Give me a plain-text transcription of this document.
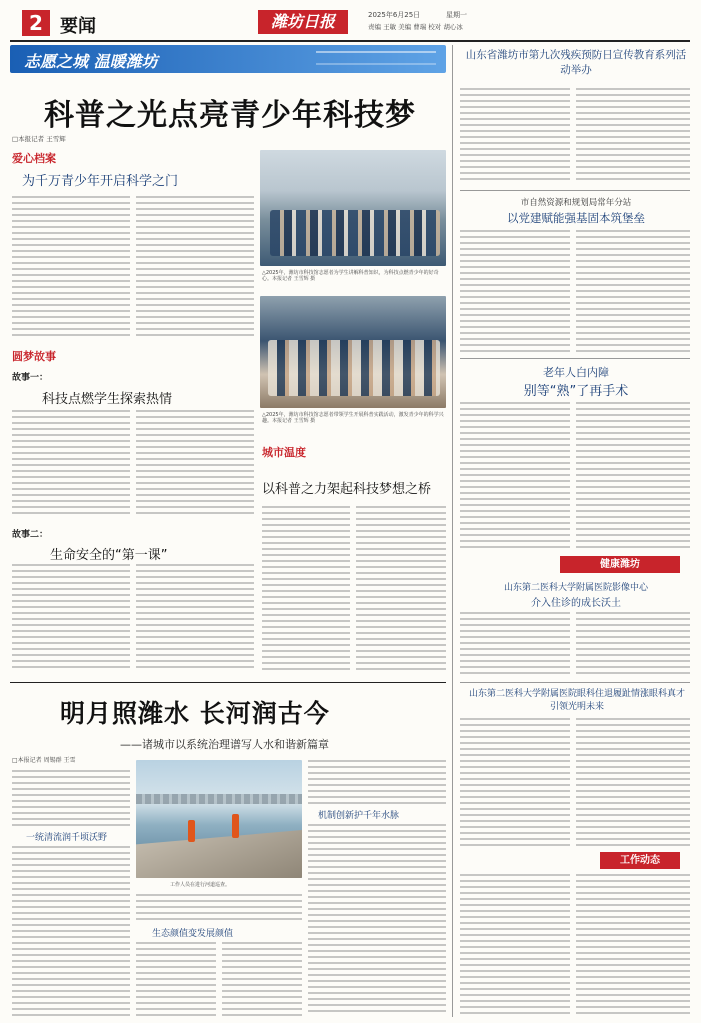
2 要闻	潍坊日报	2025年6月25日	星期一
责编 王敏 美编 曹瑞 校对 胡心冰
志愿之城 温暖潍坊
科普之光点亮青少年科技梦
□本报记者 王雪辉
爱心档案
为千万青少年开启科学之门
△2025年，潍坊市科技馆志愿者为学生讲解科普知识，为科技点燃青少年的好奇心。本报记者 王雪辉 摄
圆梦故事
故事一：
科技点燃学生探索热情
△2025年，潍坊市科技馆志愿者带领学生开展科普实践活动，激发青少年的科学兴趣。本报记者 王雪辉 摄
故事二：
生命安全的“第一课”
城市温度
以科普之力架起科技梦想之桥
明月照潍水 长河润古今
——诸城市以系统治理谱写人水和谐新篇章
□本报记者 周锡群 王雪
一统清流润千顷沃野
工作人员在进行河道巡查。
生态颜值变发展颜值
机制创新护千年水脉
山东省潍坊市第九次残疾预防日宣传教育系列活动举办
市自然资源和规划局常年分站
以党建赋能强基固本筑堡垒
老年人白内障
别等“熟”了再手术
健康潍坊
山东第二医科大学附属医院影像中心
介入住诊的成长沃土
山东第二医科大学附属医院眼科住退履趾情涨眼科真才引领光明未来
工作动态
